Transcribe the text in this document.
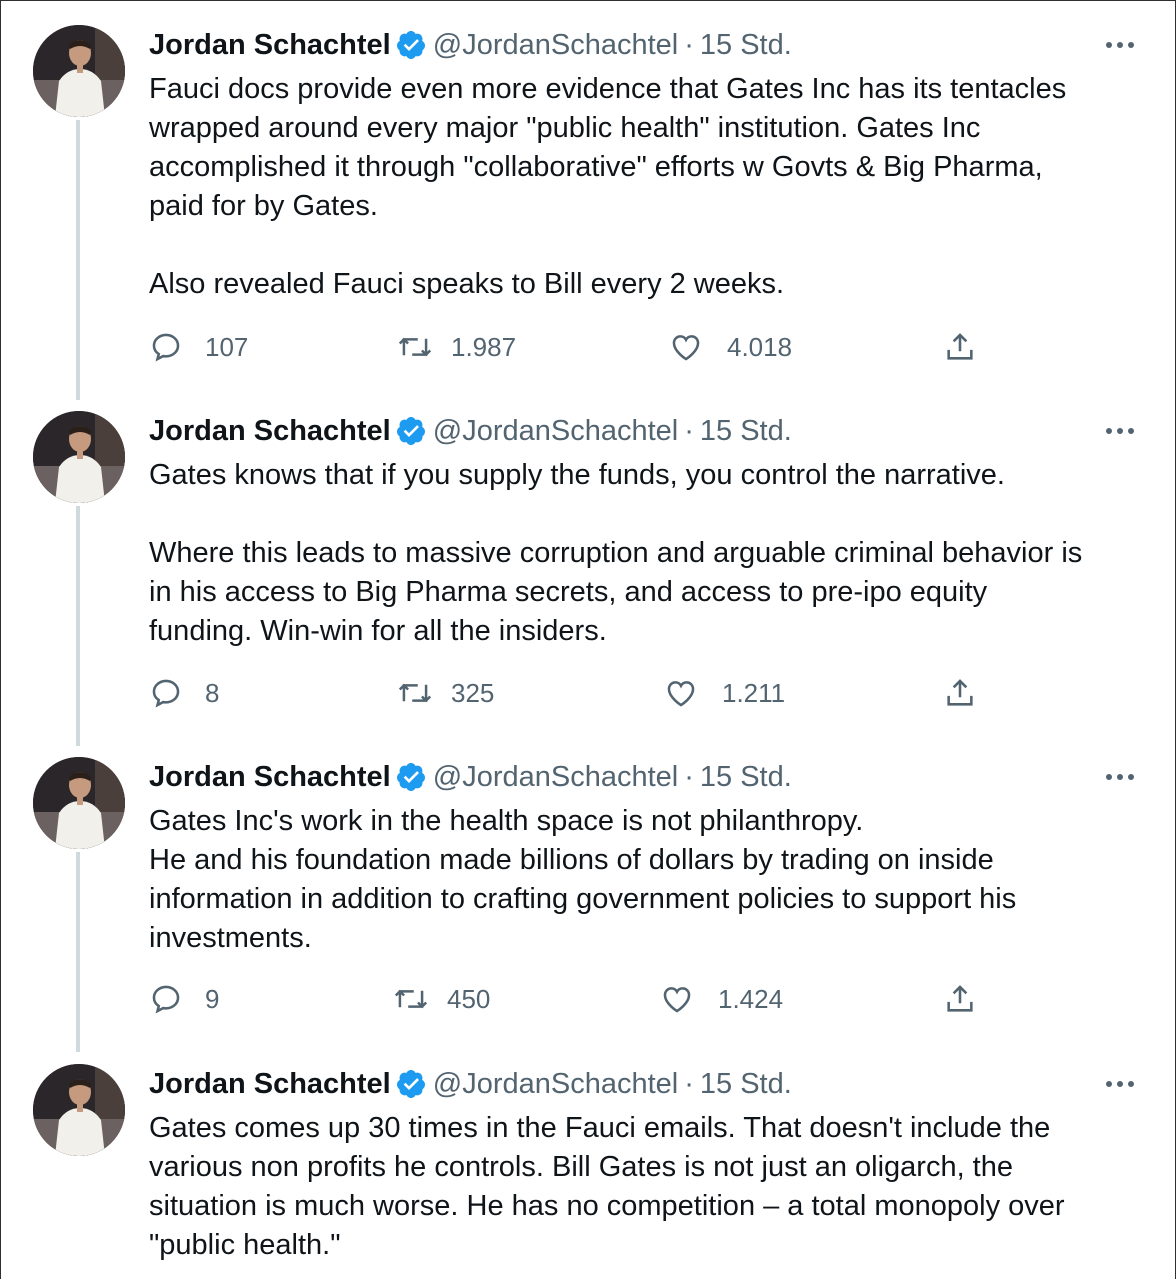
Jordan Schachtel @JordanSchachtel · 15 Std.
Fauci docs provide even more evidence that Gates Inc has its tentacles
wrapped around every major "public health" institution. Gates Inc
accomplished it through "collaborative" efforts w Govts & Big Pharma,
paid for by Gates.

Also revealed Fauci speaks to Bill every 2 weeks.
107	1.987	4.018
Jordan Schachtel @JordanSchachtel · 15 Std.
Gates knows that if you supply the funds, you control the narrative.

Where this leads to massive corruption and arguable criminal behavior is
in his access to Big Pharma secrets, and access to pre-ipo equity
funding. Win-win for all the insiders.
8	325	1.211
Jordan Schachtel @JordanSchachtel · 15 Std.
Gates Inc's work in the health space is not philanthropy.
He and his foundation made billions of dollars by trading on inside
information in addition to crafting government policies to support his
investments.
9	450	1.424
Jordan Schachtel @JordanSchachtel · 15 Std.
Gates comes up 30 times in the Fauci emails. That doesn't include the
various non profits he controls. Bill Gates is not just an oligarch, the
situation is much worse. He has no competition – a total monopoly over
"public health."
